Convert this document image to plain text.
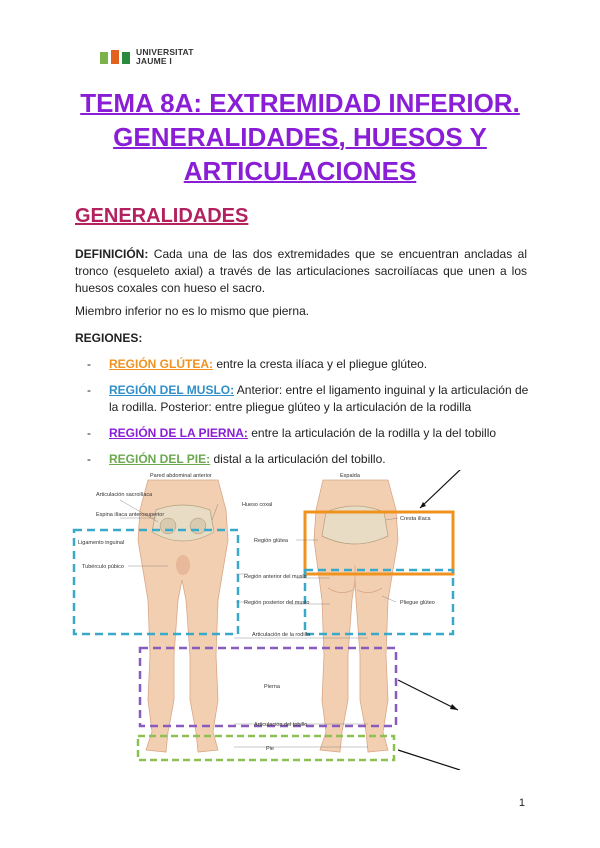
UNIVERSITAT
JAUME I
TEMA 8A: EXTREMIDAD INFERIOR. GENERALIDADES, HUESOS Y ARTICULACIONES
GENERALIDADES
DEFINICIÓN: Cada una de las dos extremidades que se encuentran ancladas al tronco (esqueleto axial) a través de las articulaciones sacroilíacas que unen a los huesos coxales con hueso el sacro.
Miembro inferior no es lo mismo que pierna.
REGIONES:
- REGIÓN GLÚTEA: entre la cresta ilíaca y el pliegue glúteo.
- REGIÓN DEL MUSLO: Anterior: entre el ligamento inguinal y la articulación de la rodilla. Posterior: entre pliegue glúteo y la articulación de la rodilla
- REGIÓN DE LA PIERNA: entre la articulación de la rodilla y la del tobillo
- REGIÓN DEL PIE: distal a la articulación del tobillo.
Pared abdominal anterior	Espalda
Articulación sacroilíaca
Hueso coxal
Espina ilíaca anterosuperior
Cresta ilíaca
Ligamento inguinal	Región glútea
Tubérculo púbico
Región anterior del muslo
Región posterior del muslo	Pliegue glúteo
Articulación de la rodilla
Pierna
Articulación del tobillo
Pie
1
